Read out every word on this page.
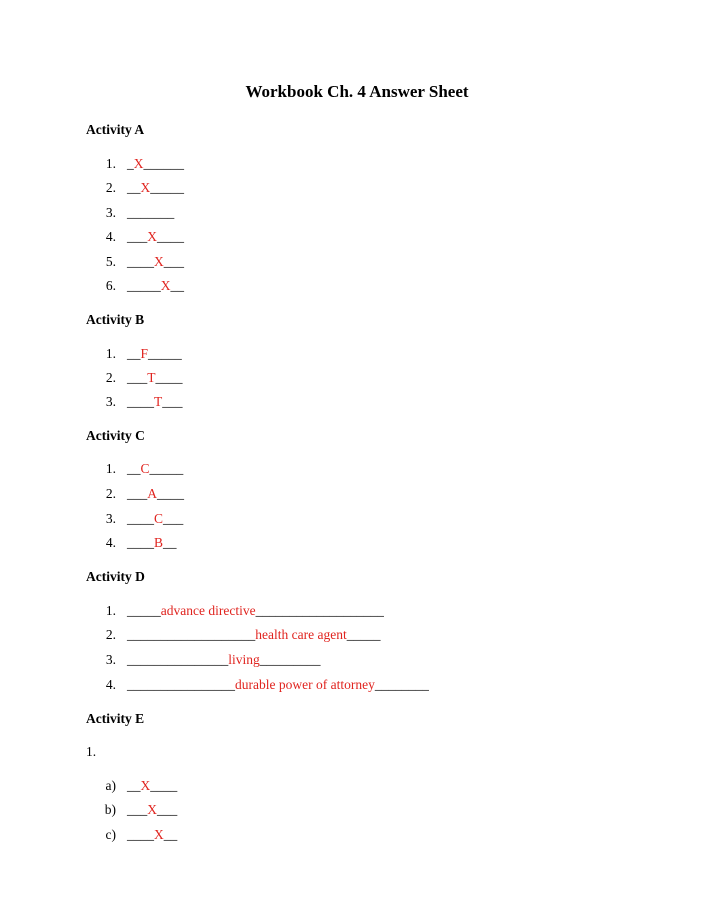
Workbook Ch. 4 Answer Sheet
Activity A
1. _X______
2. __X_____
3. _______
4. ___X____
5. ____X___
6. _____X__
Activity B
1. __F_____
2. ___T____
3. ____T___
Activity C
1. __C_____
2. ___A____
3. ____C___
4. ____B__
Activity D
1. _____advance directive___________________
2. ___________________health care agent_____
3. _______________living_________
4. ________________durable power of attorney________
Activity E
1.
a) __X____
b) ___X___
c) ____X__
